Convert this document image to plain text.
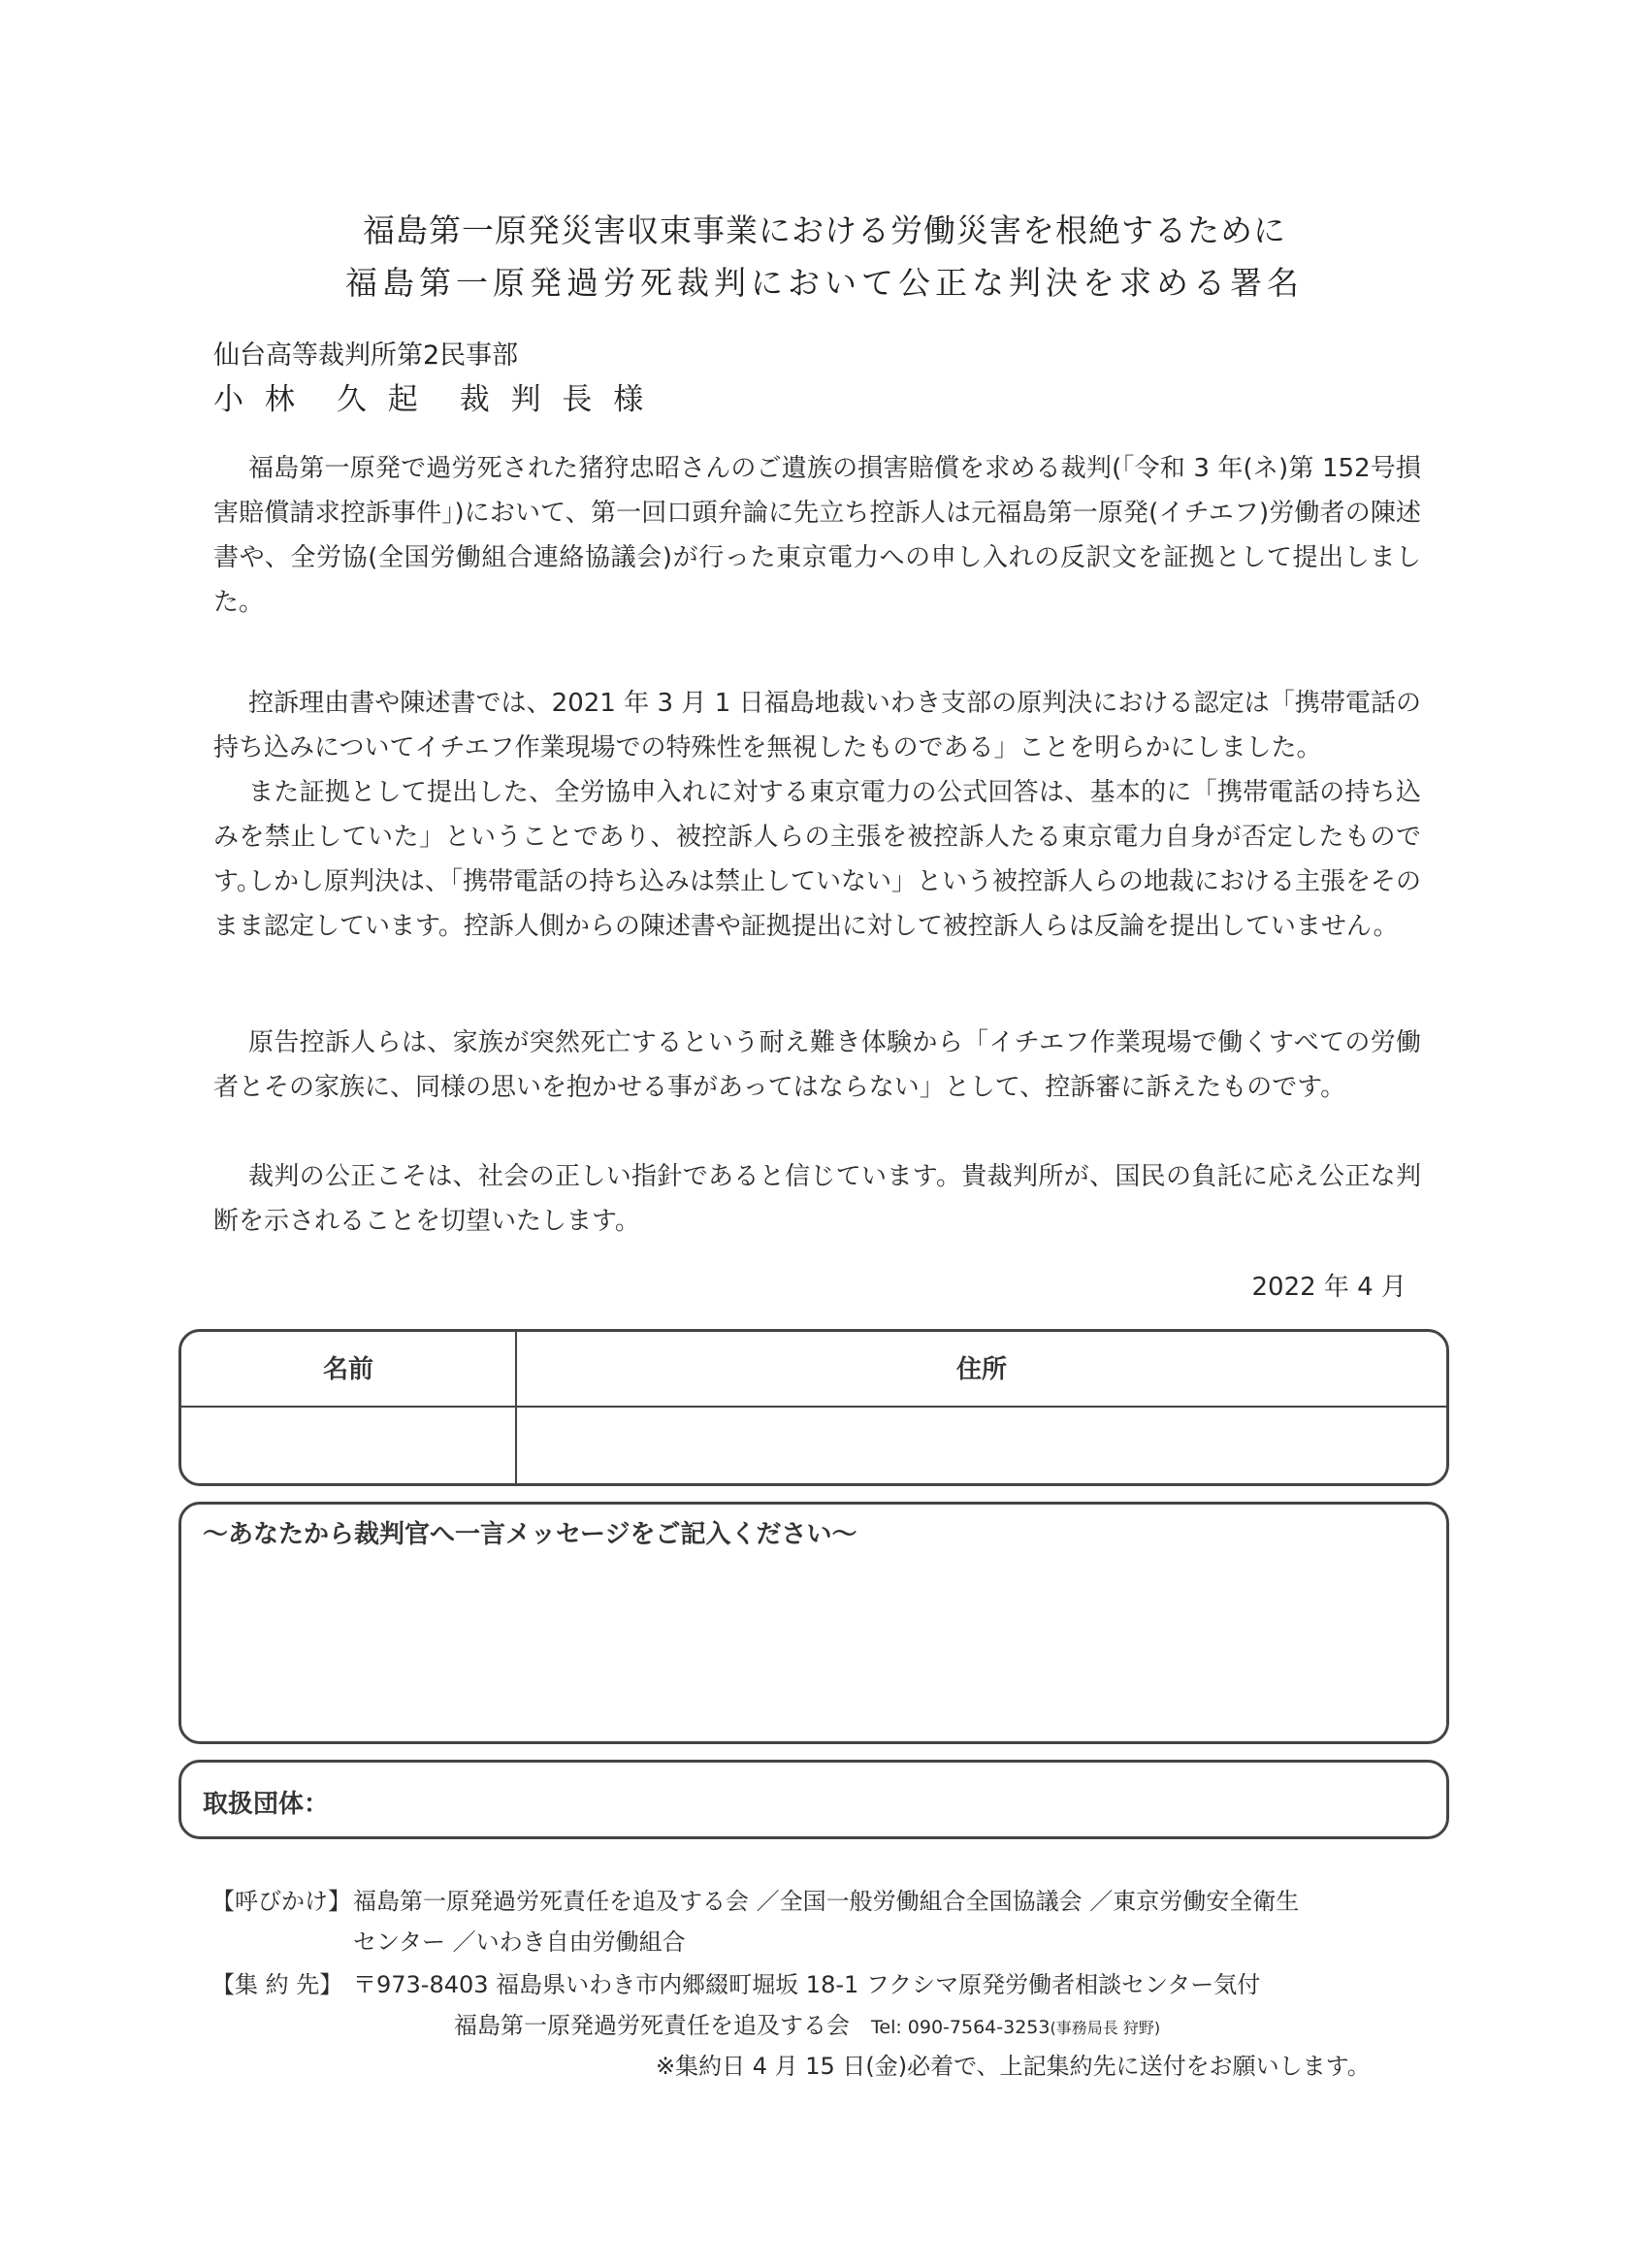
福島第一原発災害収束事業における労働災害を根絶するために
福島第一原発過労死裁判において公正な判決を求める署名
仙台高等裁判所第2民事部
小 林　久 起　裁 判 長 様
福島第一原発で過労死された猪狩忠昭さんのご遺族の損害賠償を求める裁判(「令和 3 年(ネ)第 152号損害賠償請求控訴事件」)において、第一回口頭弁論に先立ち控訴人は元福島第一原発(イチエフ)労働者の陳述書や、全労協(全国労働組合連絡協議会)が行った東京電力への申し入れの反訳文を証拠として提出しました。
控訴理由書や陳述書では、2021 年 3 月 1 日福島地裁いわき支部の原判決における認定は「携帯電話の持ち込みについてイチエフ作業現場での特殊性を無視したものである」ことを明らかにしました。
また証拠として提出した、全労協申入れに対する東京電力の公式回答は、基本的に「携帯電話の持ち込みを禁止していた」ということであり、被控訴人らの主張を被控訴人たる東京電力自身が否定したものです。
しかし原判決は、「携帯電話の持ち込みは禁止していない」という被控訴人らの地裁における主張をそのまま認定しています。控訴人側からの陳述書や証拠提出に対して被控訴人らは反論を提出していません。
原告控訴人らは、家族が突然死亡するという耐え難き体験から「イチエフ作業現場で働くすべての労働者とその家族に、同様の思いを抱かせる事があってはならない」として、控訴審に訴えたものです。
裁判の公正こそは、社会の正しい指針であると信じています。貴裁判所が、国民の負託に応え公正な判断を示されることを切望いたします。
2022 年 4 月
名前	住所
～あなたから裁判官へ一言メッセージをご記入ください～
取扱団体：
【呼びかけ】福島第一原発過労死責任を追及する会 ／全国一般労働組合全国協議会 ／東京労働安全衛生
センター ／いわき自由労働組合
【集 約 先】 〒973-8403 福島県いわき市内郷綴町堀坂 18-1 フクシマ原発労働者相談センター気付
福島第一原発過労死責任を追及する会 Tel: 090-7564-3253(事務局長 狩野)
※集約日 4 月 15 日(金)必着で、上記集約先に送付をお願いします。
